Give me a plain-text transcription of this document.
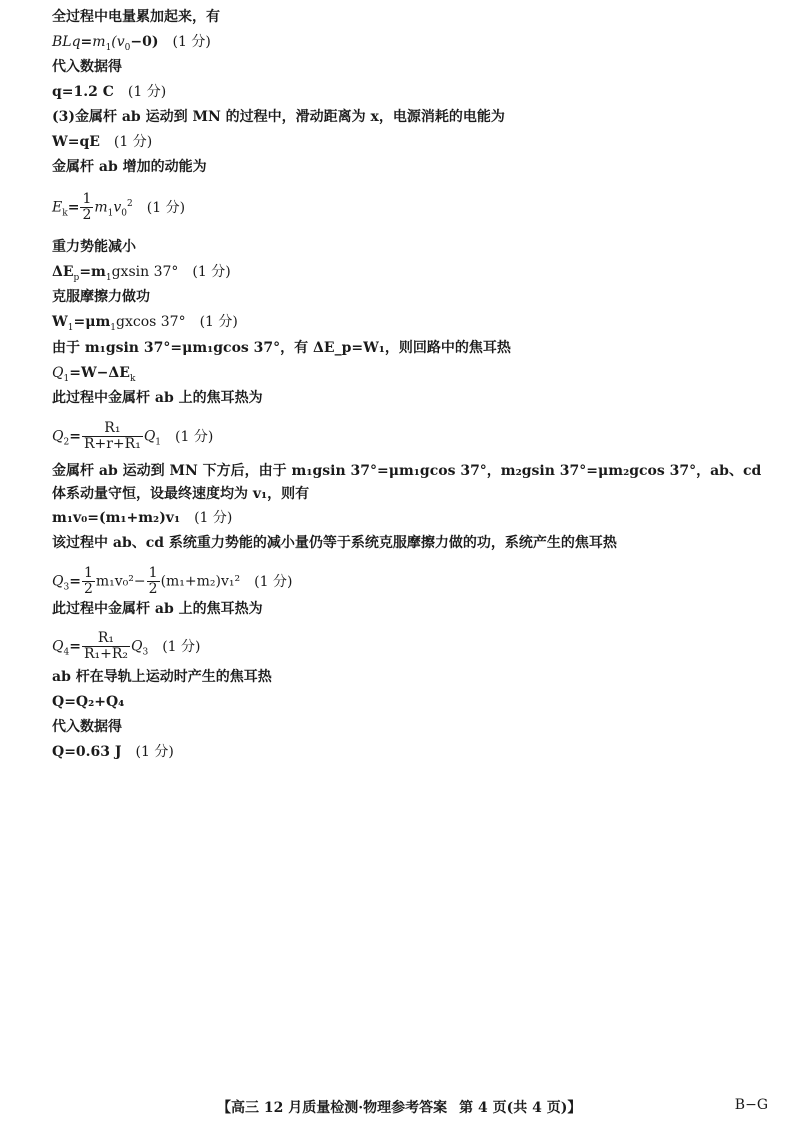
全过程中电量累加起来，有
$BLq=m_1(v_0-0)$ (1 分)
代入数据得
q=1.2 C (1 分)
(3)金属杆 ab 运动到 MN 的过程中，滑动距离为 x，电源消耗的电能为
W=qE (1 分)
金属杆 ab 增加的动能为
$E_k= \frac{1}{2} m_1v_0^2$ (1 分)
重力势能减小
$\Delta E_p=m_1gxsin$ 37° (1 分)
克服摩擦力做功
$W_1=\mu m_1gxcos$ 37° (1 分)
由于 m₁gsin 37°=μm₁gcos 37°，有 ΔE_p=W₁，则回路中的焦耳热
$Q_1=W-\Delta E_k$
此过程中金属杆 ab 上的焦耳热为
$Q_2= \frac{\text{R₁}}{\text{R+r+R₁}} Q_1$ (1 分)
金属杆 ab 运动到 MN 下方后，由于 m₁gsin 37°=μm₁gcos 37°，m₂gsin 37°=μm₂gcos 37°，ab、cd 体系动量守恒，设最终速度均为 v₁，则有
m₁v₀=(m₁+m₂)v₁ (1 分)
该过程中 ab、cd 系统重力势能的减小量仍等于系统克服摩擦力做的功，系统产生的焦耳热
$Q_3= \frac{1}{2} m_1v_0^2- \frac{1}{2} (m_1+m_2)v_1^2$ (1 分)
此过程中金属杆 ab 上的焦耳热为
$Q_4= \frac{\text{R₁}}{\text{R₁+R₂}} Q_3$ (1 分)
ab 杆在导轨上运动时产生的焦耳热
Q=Q₂+Q₄
代入数据得
Q=0.63 J (1 分)
【高三 12 月质量检测·物理参考答案 第 4 页(共 4 页)】	B−G
